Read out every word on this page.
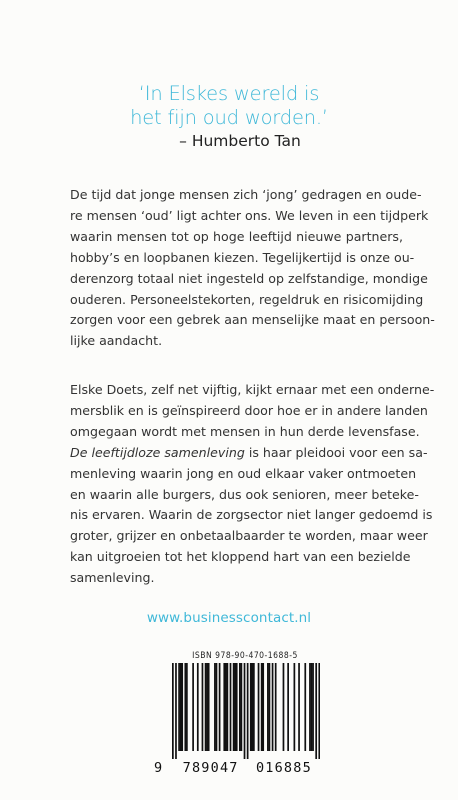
‘In Elskes wereld is
het fijn oud worden.’
– Humberto Tan
De tijd dat jonge mensen zich ‘jong’ gedragen en oude-
re mensen ‘oud’ ligt achter ons. We leven in een tijdperk
waarin mensen tot op hoge leeftijd nieuwe partners,
hobby’s en loopbanen kiezen. Tegelijkertijd is onze ou-
derenzorg totaal niet ingesteld op zelfstandige, mondige
ouderen. Personeelstekorten, regeldruk en risicomijding
zorgen voor een gebrek aan menselijke maat en persoon-
lijke aandacht.
Elske Doets, zelf net vijftig, kijkt ernaar met een onderne-
mersblik en is geïnspireerd door hoe er in andere landen
omgegaan wordt met mensen in hun derde levensfase.
De leeftijdloze samenleving is haar pleidooi voor een sa-
menleving waarin jong en oud elkaar vaker ontmoeten
en waarin alle burgers, dus ook senioren, meer beteke-
nis ervaren. Waarin de zorgsector niet langer gedoemd is
groter, grijzer en onbetaalbaarder te worden, maar weer
kan uitgroeien tot het kloppend hart van een bezielde
samenleving.
www.businesscontact.nl
ISBN 978-90-470-1688-5
9 789047 016885
